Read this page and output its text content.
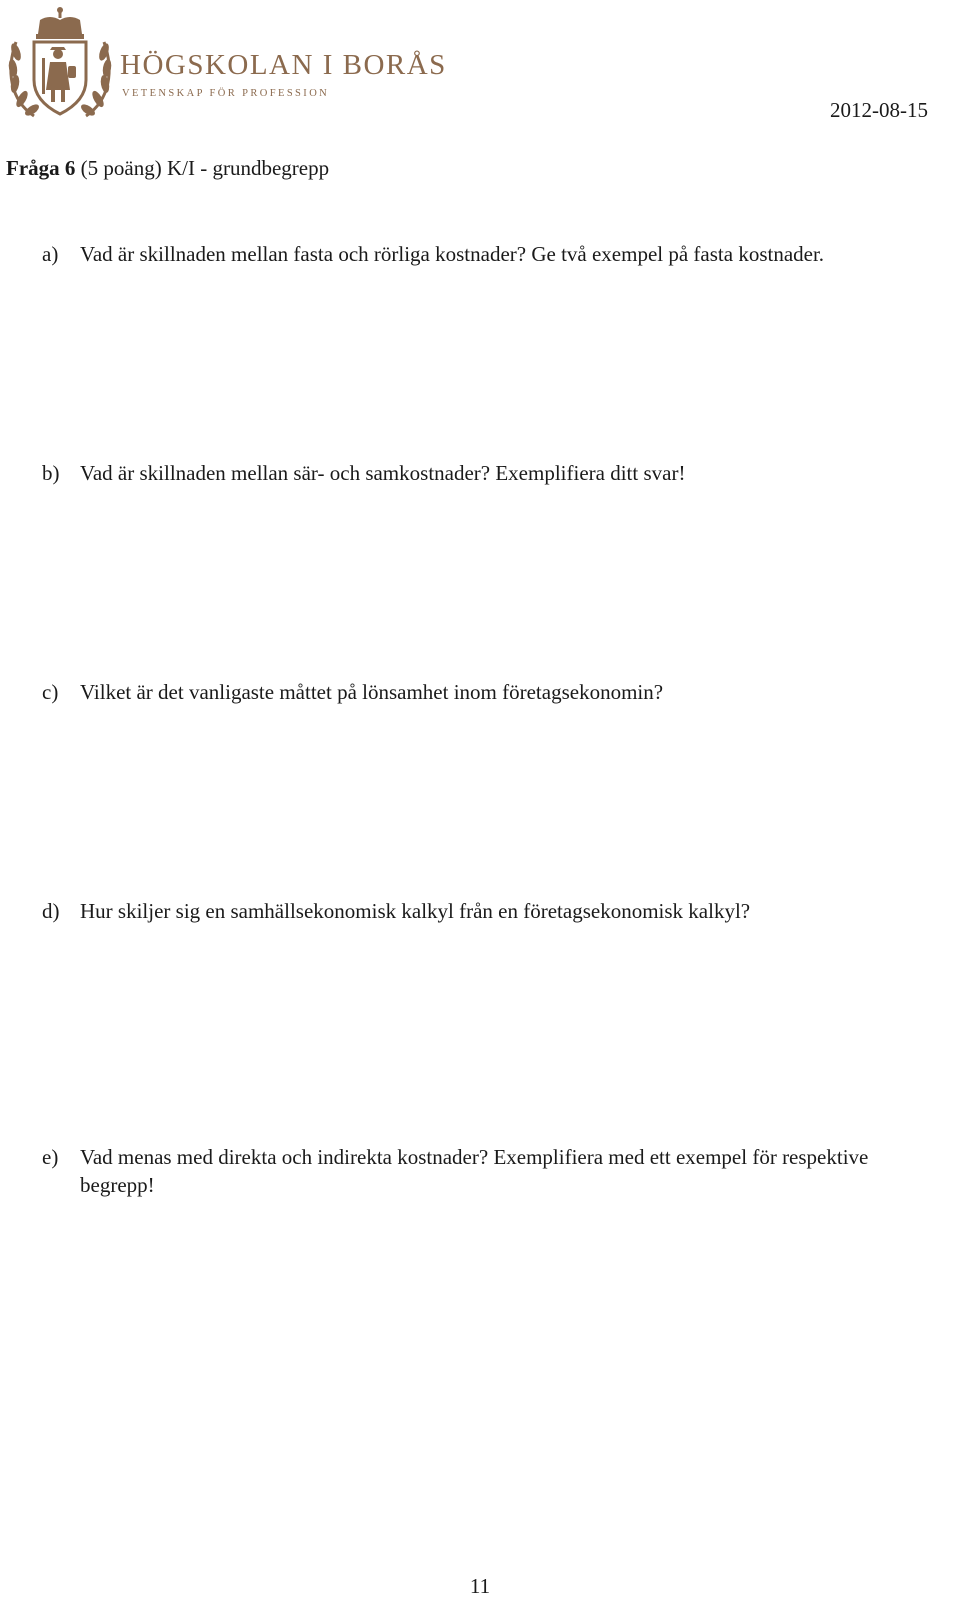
HÖGSKOLAN I BORÅS
VETENSKAP FÖR PROFESSION
2012-08-15
Fråga 6 (5 poäng) K/I - grundbegrepp
a) Vad är skillnaden mellan fasta och rörliga kostnader? Ge två exempel på fasta kostnader.
b) Vad är skillnaden mellan sär- och samkostnader? Exemplifiera ditt svar!
c) Vilket är det vanligaste måttet på lönsamhet inom företagsekonomin?
d) Hur skiljer sig en samhällsekonomisk kalkyl från en företagsekonomisk kalkyl?
e) Vad menas med direkta och indirekta kostnader? Exemplifiera med ett exempel för respektive begrepp!
11
